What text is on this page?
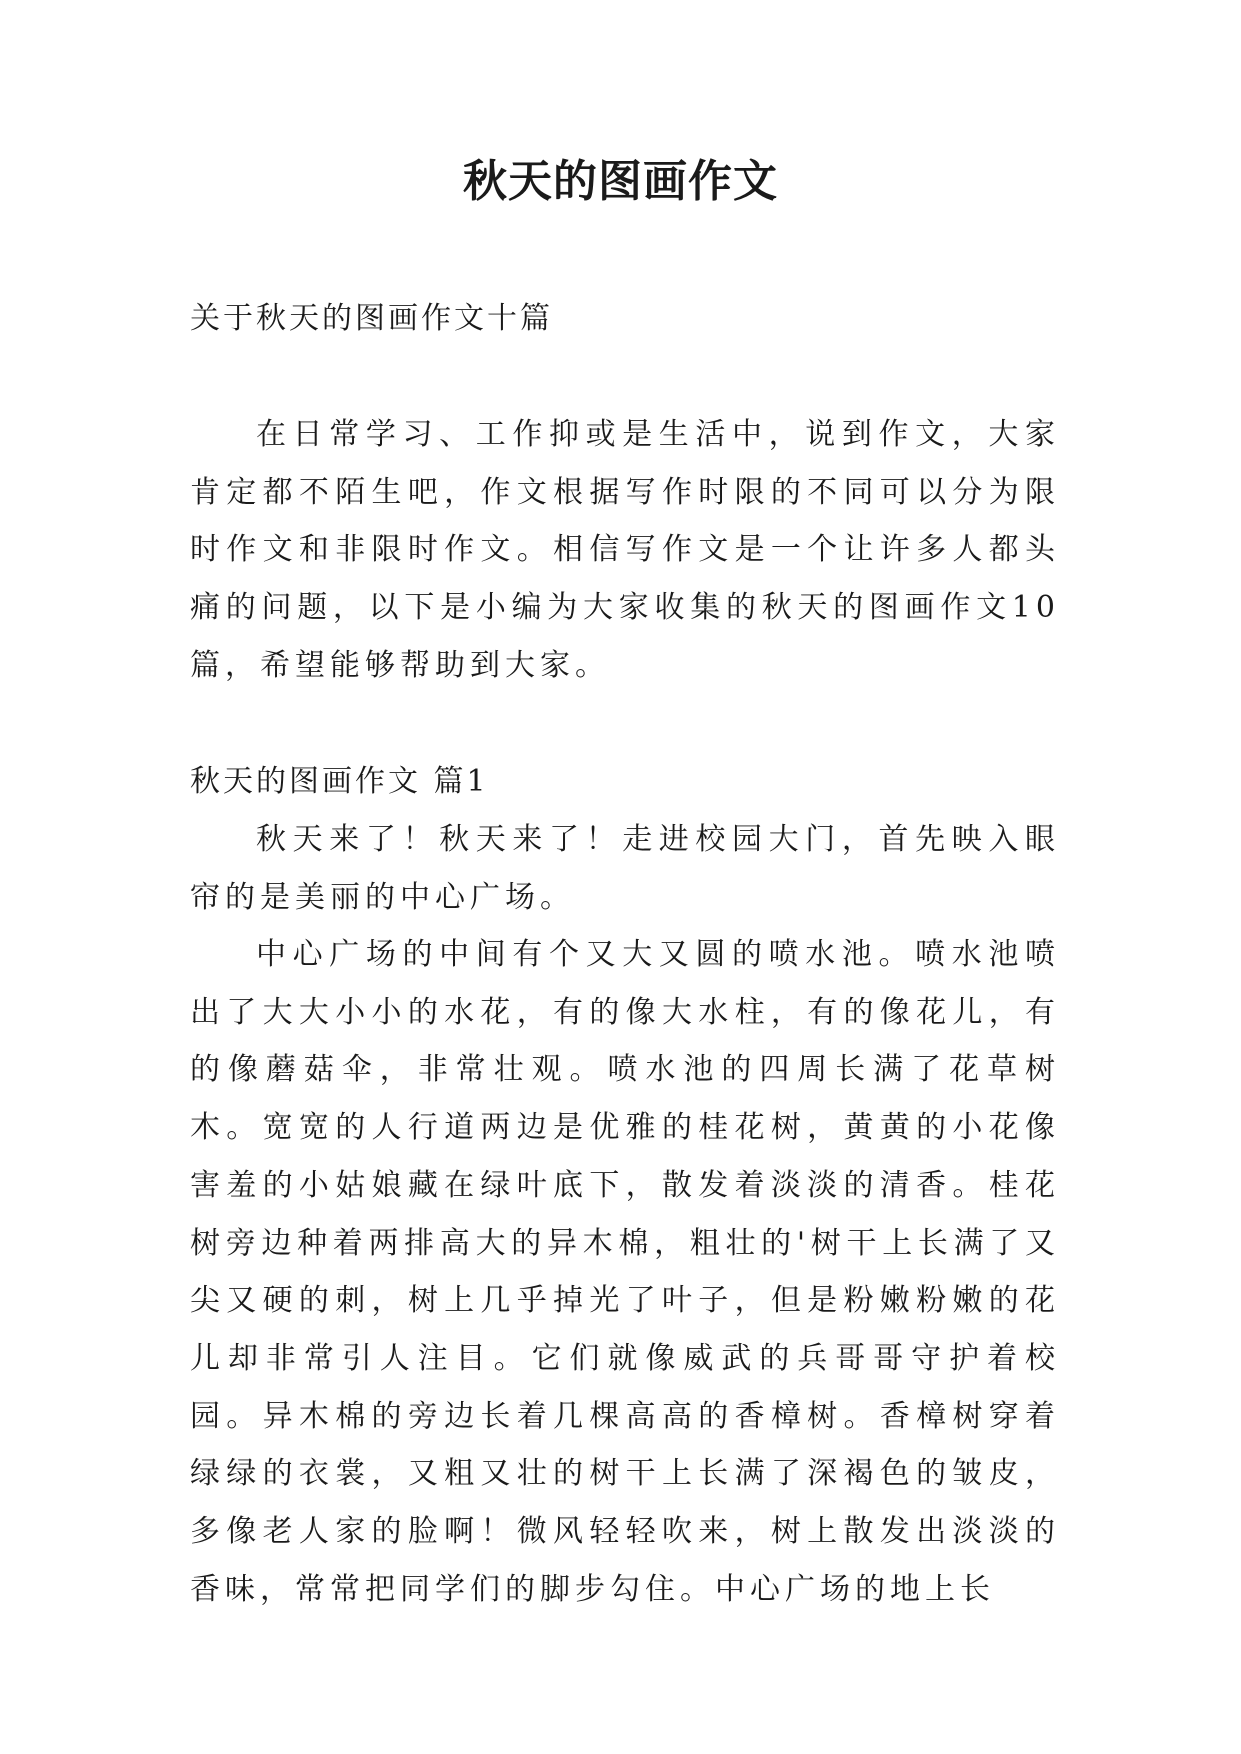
秋天的图画作文
关于秋天的图画作文十篇

在日常学习、工作抑或是生活中，说到作文，大家肯定都不陌生吧，作文根据写作时限的不同可以分为限时作文和非限时作文。相信写作文是一个让许多人都头痛的问题，以下是小编为大家收集的秋天的图画作文10篇，希望能够帮助到大家。

秋天的图画作文 篇1

秋天来了！秋天来了！走进校园大门，首先映入眼帘的是美丽的中心广场。

中心广场的中间有个又大又圆的喷水池。喷水池喷出了大大小小的水花，有的像大水柱，有的像花儿，有的像蘑菇伞，非常壮观。喷水池的四周长满了花草树木。宽宽的人行道两边是优雅的桂花树，黄黄的小花像害羞的小姑娘藏在绿叶底下，散发着淡淡的清香。桂花树旁边种着两排高大的异木棉，粗壮的'树干上长满了又尖又硬的刺，树上几乎掉光了叶子，但是粉嫩粉嫩的花儿却非常引人注目。它们就像威武的兵哥哥守护着校园。异木棉的旁边长着几棵高高的香樟树。香樟树穿着绿绿的衣裳，又粗又壮的树干上长满了深褐色的皱皮，多像老人家的脸啊！微风轻轻吹来，树上散发出淡淡的香味，常常把同学们的脚步勾住。中心广场的地上长
